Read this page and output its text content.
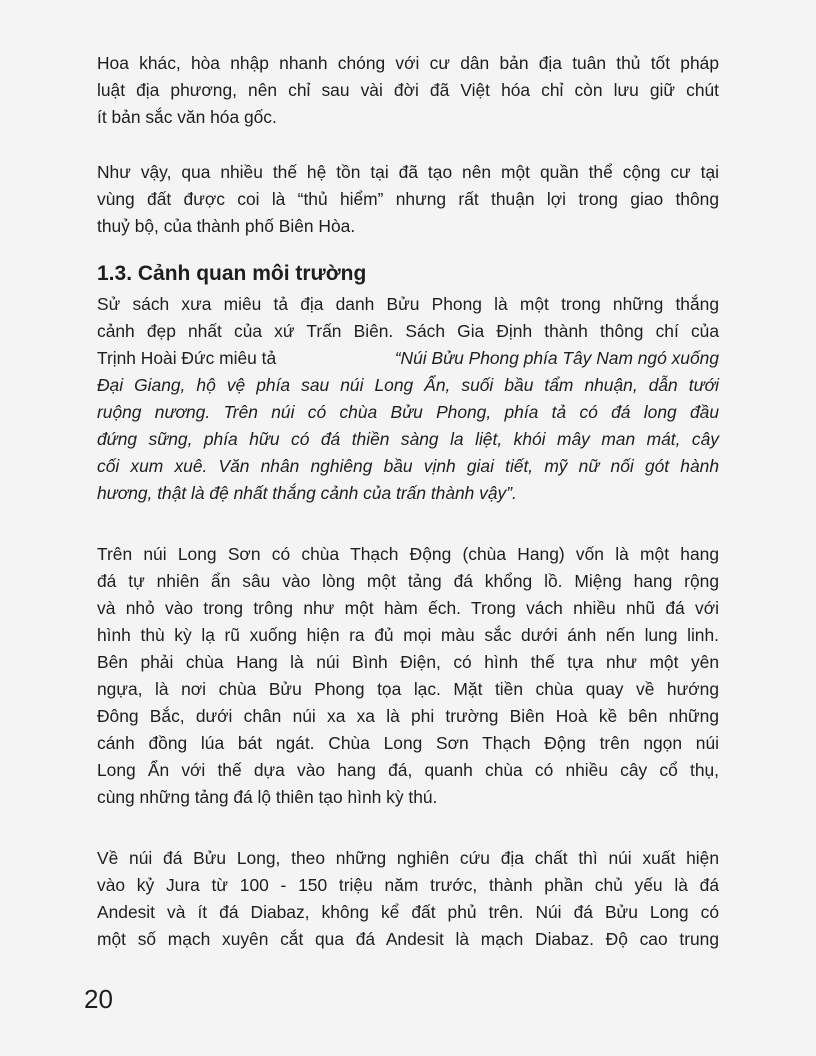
Hoa khác, hòa nhập nhanh chóng với cư dân bản địa tuân thủ tốt pháp
luật địa phương, nên chỉ sau vài đời đã Việt hóa chỉ còn lưu giữ chút
ít bản sắc văn hóa gốc.
Như vậy, qua nhiều thế hệ tồn tại đã tạo nên một quần thể cộng cư tại
vùng đất được coi là “thủ hiểm” nhưng rất thuận lợi trong giao thông
thuỷ bộ, của thành phố Biên Hòa.
1.3. Cảnh quan môi trường
Sử sách xưa miêu tả địa danh Bửu Phong là một trong những thắng
cảnh đẹp nhất của xứ Trấn Biên. Sách Gia Định thành thông chí của
Trịnh Hoài Đức miêu tả	“Núi Bửu Phong phía Tây Nam ngó xuống
Đại Giang, hộ vệ phía sau núi Long Ẩn, suối bầu tẩm nhuận, dẫn tưới
ruộng nương. Trên núi có chùa Bửu Phong, phía tả có đá long đầu
đứng sững, phía hữu có đá thiền sàng la liệt, khói mây man mát, cây
cối xum xuê. Văn nhân nghiêng bầu vịnh giai tiết, mỹ nữ nối gót hành
hương, thật là đệ nhất thắng cảnh của trấn thành vậy”.
Trên núi Long Sơn có chùa Thạch Động (chùa Hang) vốn là một hang
đá tự nhiên ẩn sâu vào lòng một tảng đá khổng lồ. Miệng hang rộng
và nhỏ vào trong trông như một hàm ếch. Trong vách nhiều nhũ đá với
hình thù kỳ lạ rũ xuống hiện ra đủ mọi màu sắc dưới ánh nến lung linh.
Bên phải chùa Hang là núi Bình Điện, có hình thế tựa như một yên
ngựa, là nơi chùa Bửu Phong tọa lạc. Mặt tiền chùa quay về hướng
Đông Bắc, dưới chân núi xa xa là phi trường Biên Hoà kề bên những
cánh đồng lúa bát ngát. Chùa Long Sơn Thạch Động trên ngọn núi
Long Ẩn với thế dựa vào hang đá, quanh chùa có nhiều cây cổ thụ,
cùng những tảng đá lộ thiên tạo hình kỳ thú.
Về núi đá Bửu Long, theo những nghiên cứu địa chất thì núi xuất hiện
vào kỷ Jura từ 100 - 150 triệu năm trước, thành phần chủ yếu là đá
Andesit và ít đá Diabaz, không kể đất phủ trên. Núi đá Bửu Long có
một số mạch xuyên cắt qua đá Andesit là mạch Diabaz. Độ cao trung
20
